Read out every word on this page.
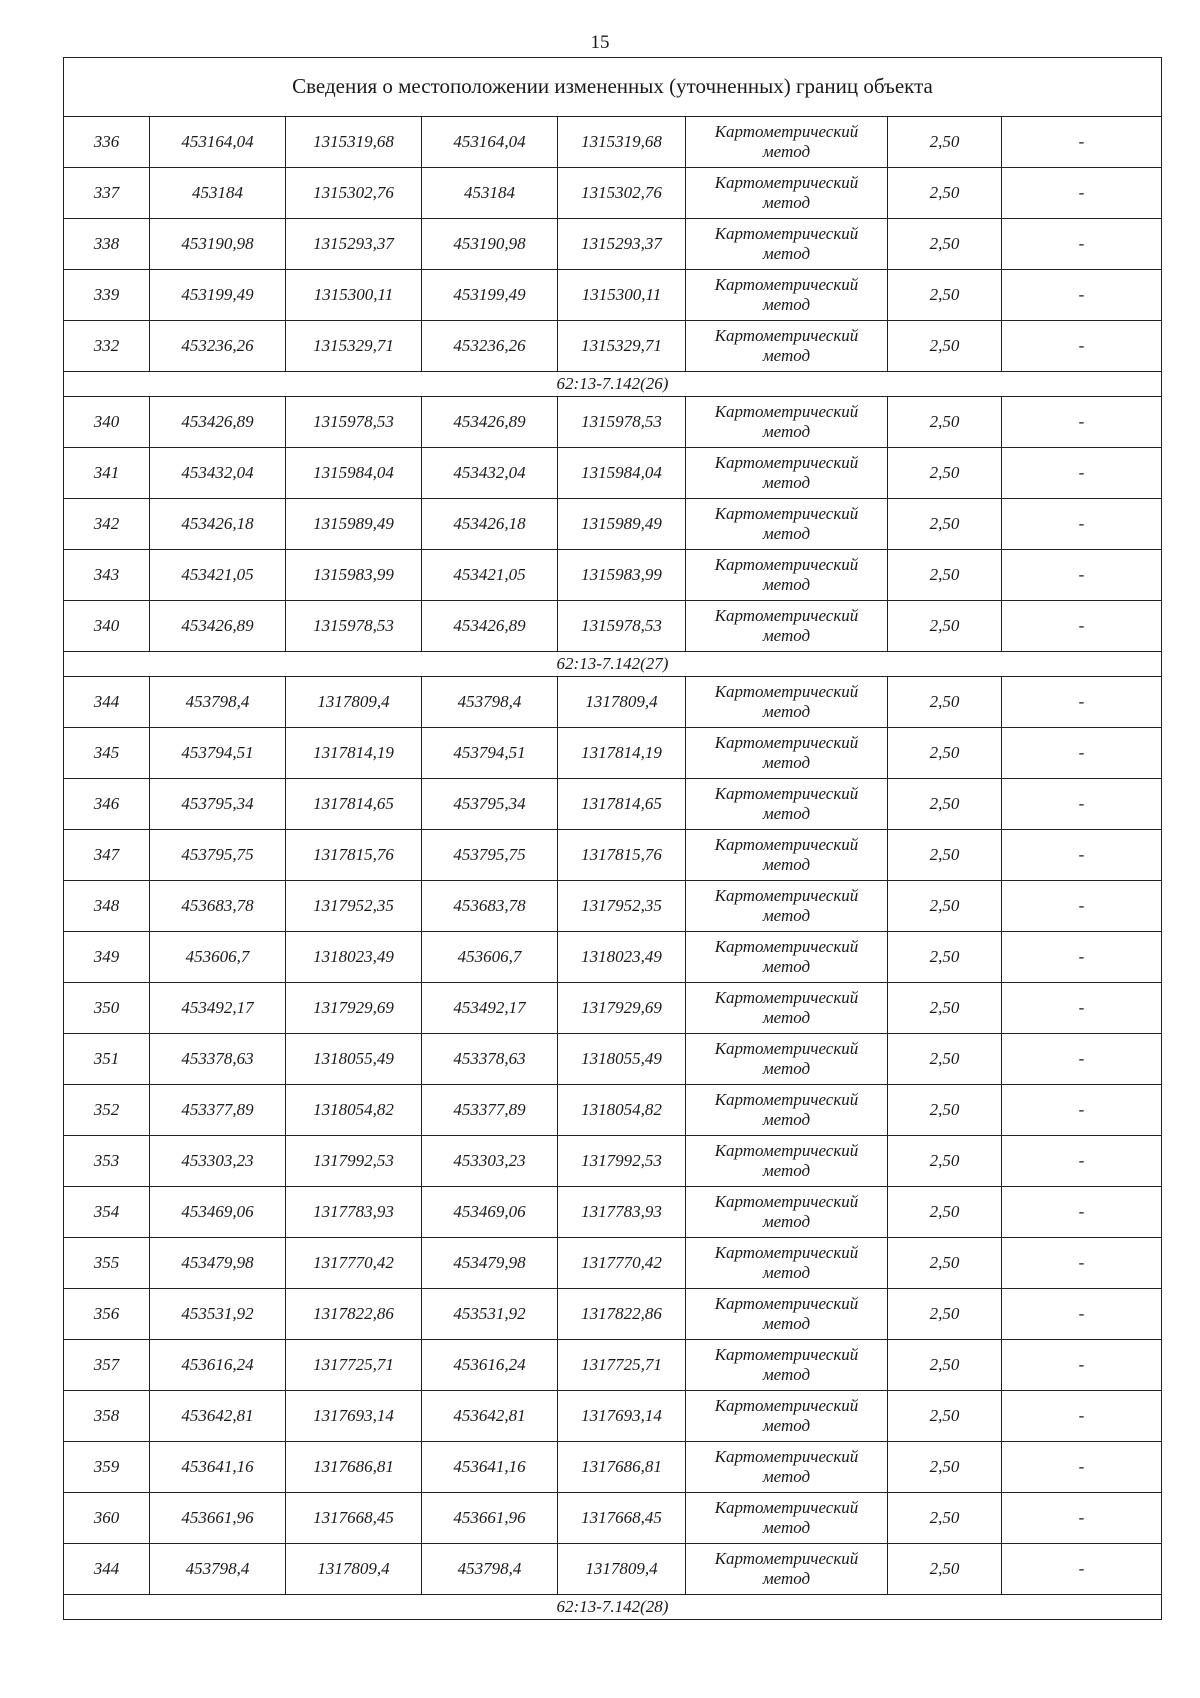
15
Сведения о местоположении измененных (уточненных) границ объекта							
336	453164,04	1315319,68	453164,04	1315319,68	Картометрический
метод	2,50	-
337	453184	1315302,76	453184	1315302,76	Картометрический
метод	2,50	-
338	453190,98	1315293,37	453190,98	1315293,37	Картометрический
метод	2,50	-
339	453199,49	1315300,11	453199,49	1315300,11	Картометрический
метод	2,50	-
332	453236,26	1315329,71	453236,26	1315329,71	Картометрический
метод	2,50	-
62:13-7.142(26)							
340	453426,89	1315978,53	453426,89	1315978,53	Картометрический
метод	2,50	-
341	453432,04	1315984,04	453432,04	1315984,04	Картометрический
метод	2,50	-
342	453426,18	1315989,49	453426,18	1315989,49	Картометрический
метод	2,50	-
343	453421,05	1315983,99	453421,05	1315983,99	Картометрический
метод	2,50	-
340	453426,89	1315978,53	453426,89	1315978,53	Картометрический
метод	2,50	-
62:13-7.142(27)							
344	453798,4	1317809,4	453798,4	1317809,4	Картометрический
метод	2,50	-
345	453794,51	1317814,19	453794,51	1317814,19	Картометрический
метод	2,50	-
346	453795,34	1317814,65	453795,34	1317814,65	Картометрический
метод	2,50	-
347	453795,75	1317815,76	453795,75	1317815,76	Картометрический
метод	2,50	-
348	453683,78	1317952,35	453683,78	1317952,35	Картометрический
метод	2,50	-
349	453606,7	1318023,49	453606,7	1318023,49	Картометрический
метод	2,50	-
350	453492,17	1317929,69	453492,17	1317929,69	Картометрический
метод	2,50	-
351	453378,63	1318055,49	453378,63	1318055,49	Картометрический
метод	2,50	-
352	453377,89	1318054,82	453377,89	1318054,82	Картометрический
метод	2,50	-
353	453303,23	1317992,53	453303,23	1317992,53	Картометрический
метод	2,50	-
354	453469,06	1317783,93	453469,06	1317783,93	Картометрический
метод	2,50	-
355	453479,98	1317770,42	453479,98	1317770,42	Картометрический
метод	2,50	-
356	453531,92	1317822,86	453531,92	1317822,86	Картометрический
метод	2,50	-
357	453616,24	1317725,71	453616,24	1317725,71	Картометрический
метод	2,50	-
358	453642,81	1317693,14	453642,81	1317693,14	Картометрический
метод	2,50	-
359	453641,16	1317686,81	453641,16	1317686,81	Картометрический
метод	2,50	-
360	453661,96	1317668,45	453661,96	1317668,45	Картометрический
метод	2,50	-
344	453798,4	1317809,4	453798,4	1317809,4	Картометрический
метод	2,50	-
62:13-7.142(28)							
